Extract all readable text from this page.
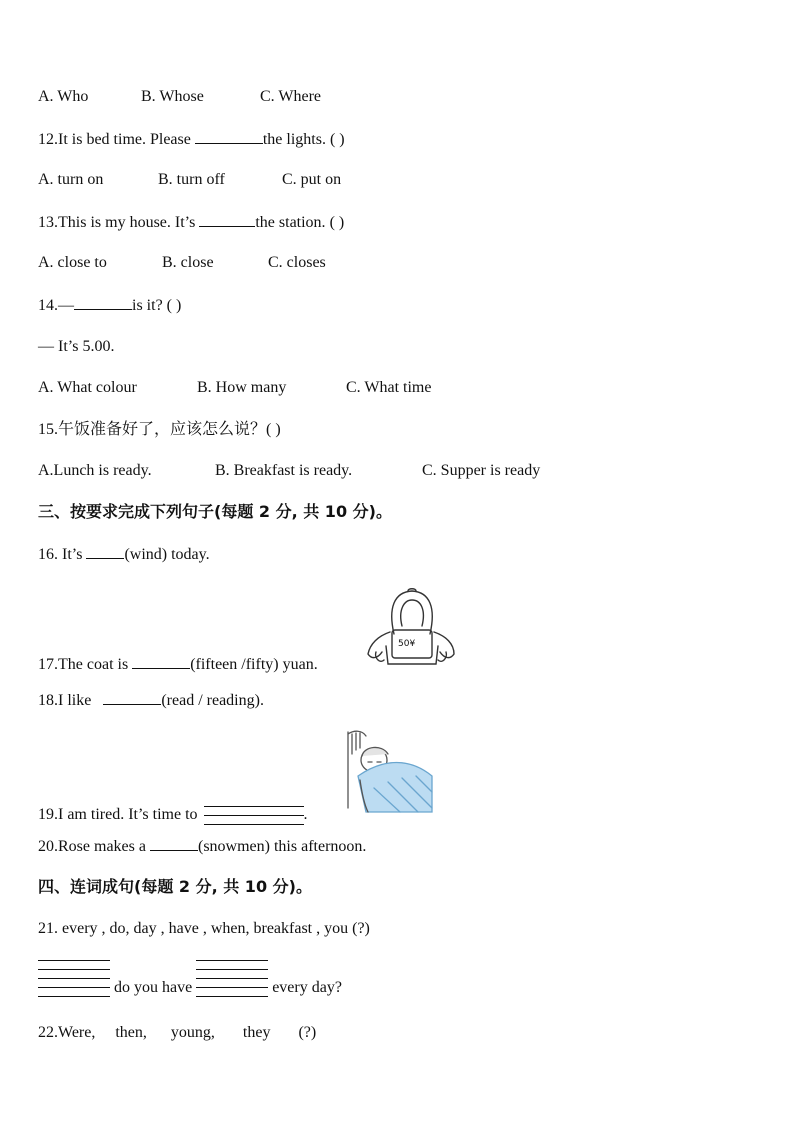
A. Who	B. Whose	C. Where
12.It is bed time. Please	the lights. ( )
A. turn on	B. turn off	C. put on
13.This is my house. It’s	the station. ( )
A. close to	B. close	C. closes
14.—	is it? ( )
— It’s 5.00.
A. What colour	B. How many	C. What time
15.午饭准备好了，应该怎么说？( )
A.Lunch is ready.	B. Breakfast is ready.	C. Supper is ready
三、按要求完成下列句子(每题 2 分, 共 10 分)。
16. It’s	(wind) today.
50¥
17.The coat is	(fifteen /fifty) yuan.
18.I like	(read / reading).
19.I am tired. It’s time to	.
20.Rose makes a	(snowmen) this afternoon.
四、连词成句(每题 2 分, 共 10 分)。
21. every , do, day , have , when, breakfast , you (?)
do you have	every day?
22.Were,     then,      young,       they       (?)
